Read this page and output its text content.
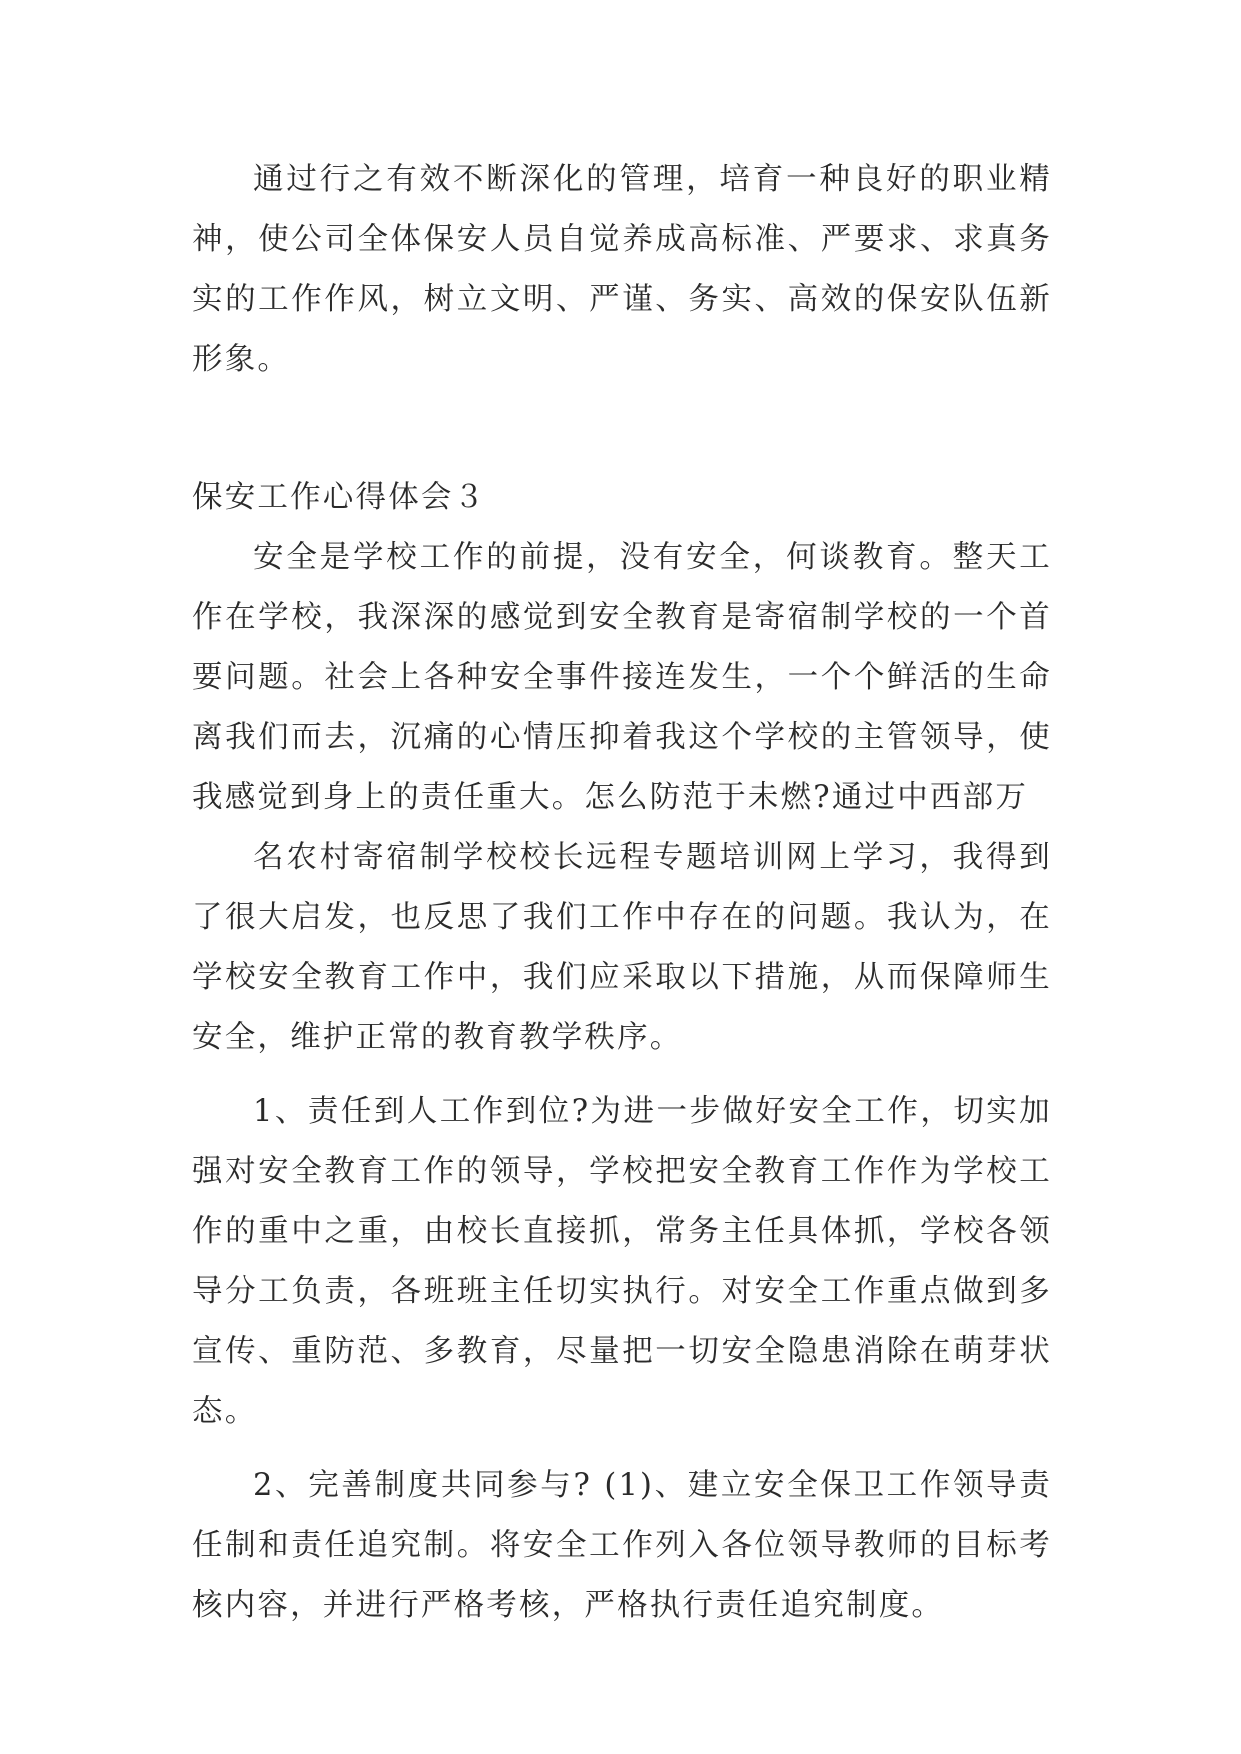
通过行之有效不断深化的管理，培育一种良好的职业精神，使公司全体保安人员自觉养成高标准、严要求、求真务实的工作作风，树立文明、严谨、务实、高效的保安队伍新形象。

保安工作心得体会３

安全是学校工作的前提，没有安全，何谈教育。整天工作在学校，我深深的感觉到安全教育是寄宿制学校的一个首要问题。社会上各种安全事件接连发生，一个个鲜活的生命离我们而去，沉痛的心情压抑着我这个学校的主管领导，使我感觉到身上的责任重大。怎么防范于未燃?通过中西部万

名农村寄宿制学校校长远程专题培训网上学习，我得到了很大启发，也反思了我们工作中存在的问题。我认为，在学校安全教育工作中，我们应采取以下措施，从而保障师生安全，维护正常的教育教学秩序。

1、责任到人工作到位?为进一步做好安全工作，切实加强对安全教育工作的领导，学校把安全教育工作作为学校工作的重中之重，由校长直接抓，常务主任具体抓，学校各领导分工负责，各班班主任切实执行。对安全工作重点做到多宣传、重防范、多教育，尽量把一切安全隐患消除在萌芽状态。

2、完善制度共同参与? (1)、建立安全保卫工作领导责任制和责任追究制。将安全工作列入各位领导教师的目标考核内容，并进行严格考核，严格执行责任追究制度。
